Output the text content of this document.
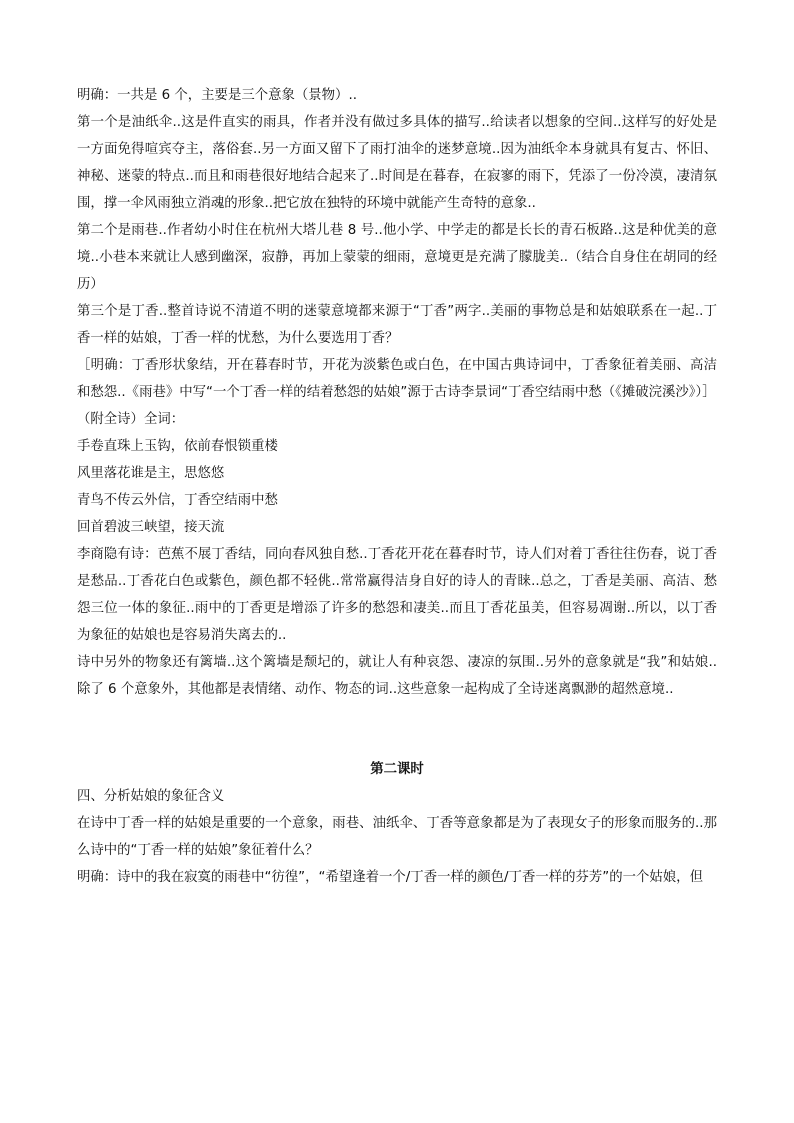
明确：一共是 6 个，主要是三个意象（景物）..

第一个是油纸伞..这是件直实的雨具，作者并没有做过多具体的描写..给读者以想象的空间..这样写的好处是一方面免得喧宾夺主，落俗套..另一方面又留下了雨打油伞的迷梦意境..因为油纸伞本身就具有复古、怀旧、神秘、迷蒙的特点..而且和雨巷很好地结合起来了..时间是在暮春，在寂寥的雨下，凭添了一份冷漠，凄清氛围，撑一伞风雨独立消魂的形象..把它放在独特的环境中就能产生奇特的意象..

第二个是雨巷..作者幼小时住在杭州大塔儿巷 8 号..他小学、中学走的都是长长的青石板路..这是种优美的意境..小巷本来就让人感到幽深，寂静，再加上蒙蒙的细雨，意境更是充满了朦胧美..（结合自身住在胡同的经历）

第三个是丁香..整首诗说不清道不明的迷蒙意境都来源于“丁香”两字..美丽的事物总是和姑娘联系在一起..丁香一样的姑娘，丁香一样的忧愁，为什么要选用丁香？

［明确：丁香形状象结，开在暮春时节，开花为淡紫色或白色，在中国古典诗词中，丁香象征着美丽、高洁和愁怨..《雨巷》中写“一个丁香一样的结着愁怨的姑娘”源于古诗李景词“丁香空结雨中愁（《摊破浣溪沙》）］

（附全诗）全词：

手卷直珠上玉钩，依前春恨锁重楼

风里落花谁是主，思悠悠

青鸟不传云外信，丁香空结雨中愁

回首碧波三峡望，接天流

李商隐有诗：芭蕉不展丁香结，同向春风独自愁..丁香花开花在暮春时节，诗人们对着丁香往往伤春，说丁香是愁品..丁香花白色或紫色，颜色都不轻佻..常常赢得洁身自好的诗人的青睐..总之，丁香是美丽、高洁、愁怨三位一体的象征..雨中的丁香更是增添了许多的愁怨和凄美..而且丁香花虽美，但容易凋谢..所以，以丁香为象征的姑娘也是容易消失离去的..

诗中另外的物象还有篱墙..这个篱墙是颓圮的，就让人有种哀怨、凄凉的氛围..另外的意象就是“我”和姑娘..除了 6 个意象外，其他都是表情绪、动作、物态的词..这些意象一起构成了全诗迷离飘渺的超然意境..

第二课时

四、分析姑娘的象征含义

在诗中丁香一样的姑娘是重要的一个意象，雨巷、油纸伞、丁香等意象都是为了表现女子的形象而服务的..那么诗中的“丁香一样的姑娘”象征着什么？

明确：诗中的我在寂寞的雨巷中“彷徨”，“希望逢着一个/丁香一样的颜色/丁香一样的芬芳”的一个姑娘，但
